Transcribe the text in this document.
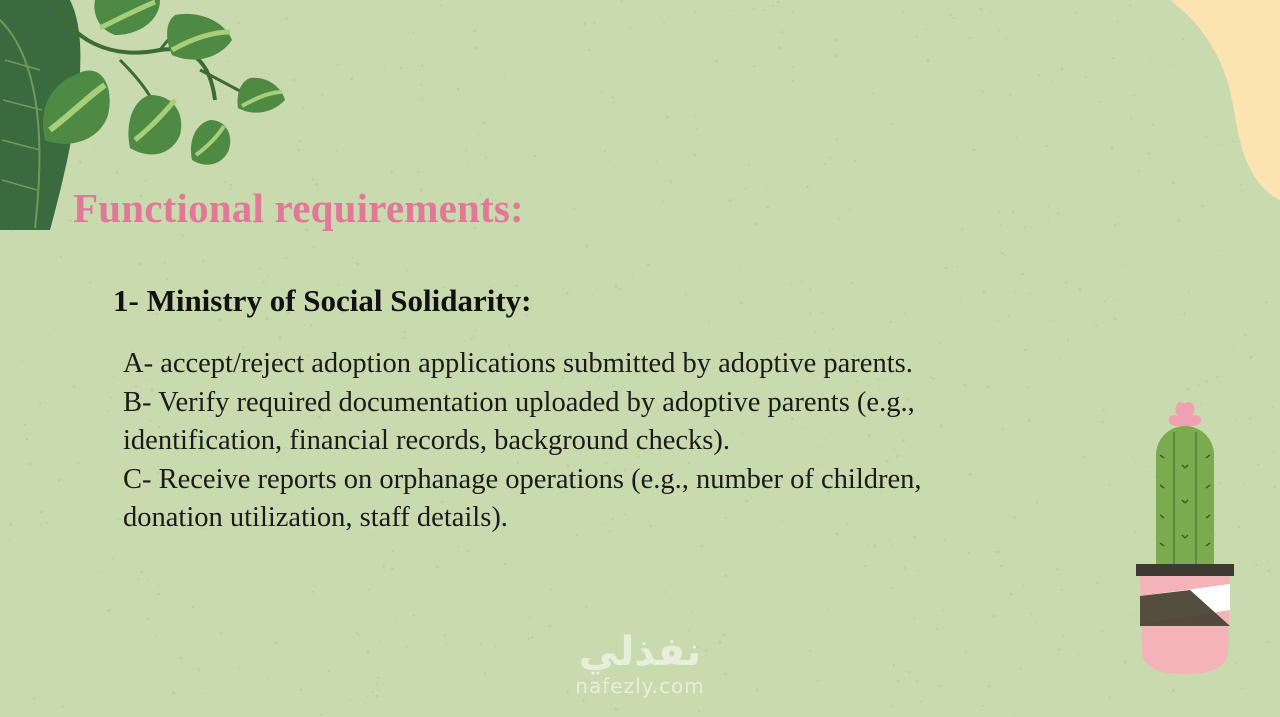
Functional requirements:
1- Ministry of Social Solidarity:

A- accept/reject adoption applications submitted by adoptive parents.

B- Verify required documentation uploaded by adoptive parents (e.g.,

identification, financial records, background checks).

C- Receive reports on orphanage operations (e.g., number of children,

donation utilization, staff details).

نفذلي
nafezly.com
